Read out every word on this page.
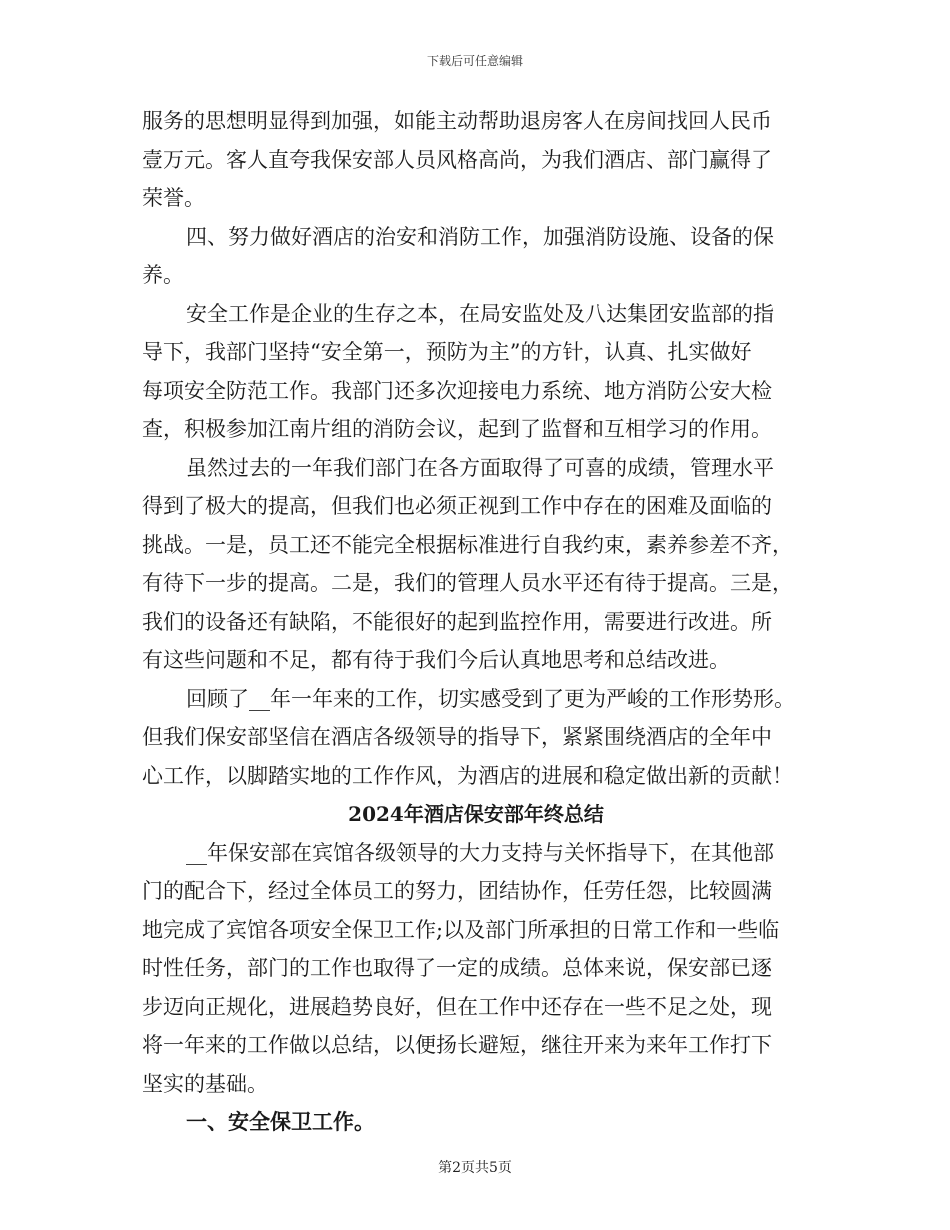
下载后可任意编辑
服务的思想明显得到加强，如能主动帮助退房客人在房间找回人民币
壹万元。客人直夸我保安部人员风格高尚，为我们酒店、部门赢得了
荣誉。
四、努力做好酒店的治安和消防工作，加强消防设施、设备的保
养。
安全工作是企业的生存之本，在局安监处及八达集团安监部的指
导下，我部门坚持“安全第一，预防为主”的方针，认真、扎实做好
每项安全防范工作。我部门还多次迎接电力系统、地方消防公安大检
查，积极参加江南片组的消防会议，起到了监督和互相学习的作用。
虽然过去的一年我们部门在各方面取得了可喜的成绩，管理水平
得到了极大的提高，但我们也必须正视到工作中存在的困难及面临的
挑战。一是，员工还不能完全根据标准进行自我约束，素养参差不齐，
有待下一步的提高。二是，我们的管理人员水平还有待于提高。三是，
我们的设备还有缺陷，不能很好的起到监控作用，需要进行改进。所
有这些问题和不足，都有待于我们今后认真地思考和总结改进。
回顾了__年一年来的工作，切实感受到了更为严峻的工作形势形。
但我们保安部坚信在酒店各级领导的指导下，紧紧围绕酒店的全年中
心工作，以脚踏实地的工作作风，为酒店的进展和稳定做出新的贡献！
2024年酒店保安部年终总结
__年保安部在宾馆各级领导的大力支持与关怀指导下，在其他部
门的配合下，经过全体员工的努力，团结协作，任劳任怨，比较圆满
地完成了宾馆各项安全保卫工作;以及部门所承担的日常工作和一些临
时性任务，部门的工作也取得了一定的成绩。总体来说，保安部已逐
步迈向正规化，进展趋势良好，但在工作中还存在一些不足之处，现
将一年来的工作做以总结，以便扬长避短，继往开来为来年工作打下
坚实的基础。
一、安全保卫工作。
第2页共5页
